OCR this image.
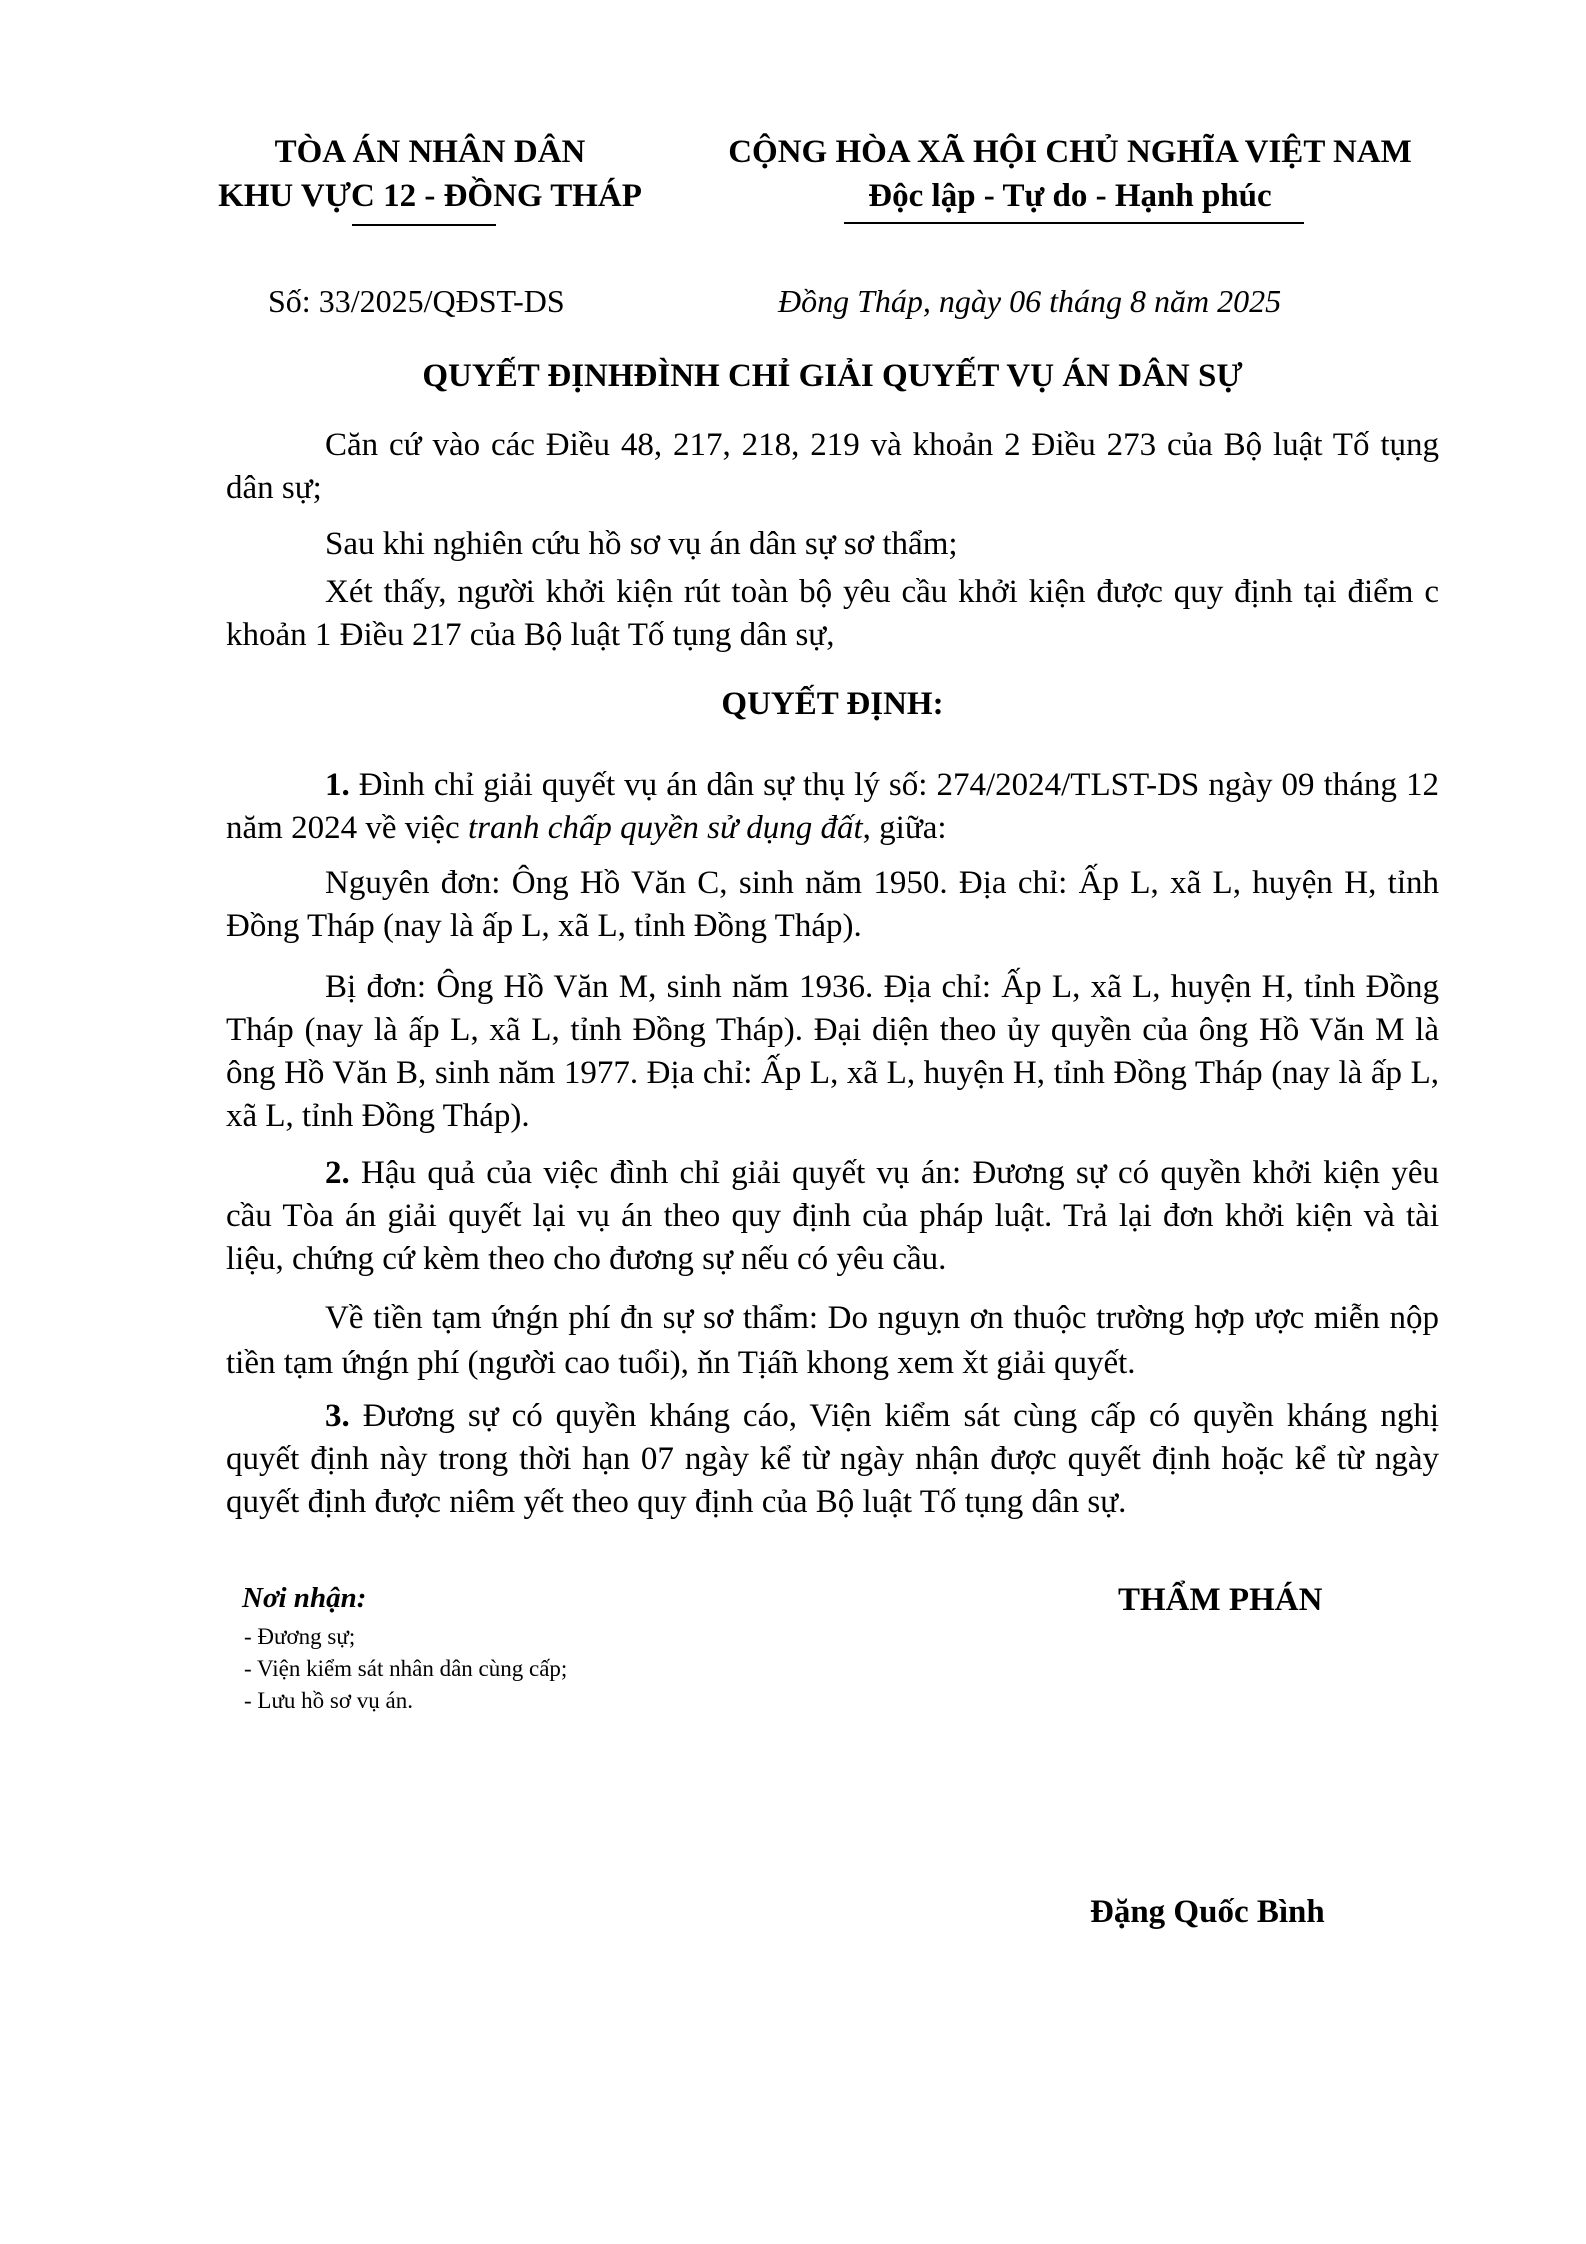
TÒA ÁN NHÂN DÂN
KHU VỰC 12 - ĐỒNG THÁP
CỘNG HÒA XÃ HỘI CHỦ NGHĨA VIỆT NAM
Độc lập - Tự do - Hạnh phúc
Số: 33/2025/QĐST-DS	Đồng Tháp, ngày 06 tháng 8 năm 2025
QUYẾT ĐỊNHĐÌNH CHỈ GIẢI QUYẾT VỤ ÁN DÂN SỰ

Căn cứ vào các Điều 48, 217, 218, 219 và khoản 2 Điều 273 của Bộ luật Tố tụng dân sự;

Sau khi nghiên cứu hồ sơ vụ án dân sự sơ thẩm;

Xét thấy, người khởi kiện rút toàn bộ yêu cầu khởi kiện được quy định tại điểm c khoản 1 Điều 217 của Bộ luật Tố tụng dân sự,

QUYẾT ĐỊNH:

1. Đình chỉ giải quyết vụ án dân sự thụ lý số: 274/2024/TLST-DS ngày 09 tháng 12 năm 2024 về việc tranh chấp quyền sử dụng đất, giữa:

Nguyên đơn: Ông Hồ Văn C, sinh năm 1950. Địa chỉ: Ấp L, xã L, huyện H, tỉnh Đồng Tháp (nay là ấp L, xã L, tỉnh Đồng Tháp).

Bị đơn: Ông Hồ Văn M, sinh năm 1936. Địa chỉ: Ấp L, xã L, huyện H, tỉnh Đồng Tháp (nay là ấp L, xã L, tỉnh Đồng Tháp). Đại diện theo ủy quyền của ông Hồ Văn M là ông Hồ Văn B, sinh năm 1977. Địa chỉ: Ấp L, xã L, huyện H, tỉnh Đồng Tháp (nay là ấp L, xã L, tỉnh Đồng Tháp).

2. Hậu quả của việc đình chỉ giải quyết vụ án: Đương sự có quyền khởi kiện yêu cầu Tòa án giải quyết lại vụ án theo quy định của pháp luật. Trả lại đơn khởi kiện và tài liệu, chứng cứ kèm theo cho đương sự nếu có yêu cầu.

Về tiền tạm ứnǵn phí đn sự sơ thẩm: Do nguỵn ơn thuộc trường hợp ược miễn nộp tiền tạm ứnǵn phí (người cao tuổi), ňn Tịá̃n khong xem x̌t giải quyết.

3. Đương sự có quyền kháng cáo, Viện kiểm sát cùng cấp có quyền kháng nghị quyết định này trong thời hạn 07 ngày kể từ ngày nhận được quyết định hoặc kể từ ngày quyết định được niêm yết theo quy định của Bộ luật Tố tụng dân sự.

Nơi nhận:
- Đương sự;
- Viện kiểm sát nhân dân cùng cấp;
- Lưu hồ sơ vụ án.
THẨM PHÁN
Đặng Quốc Bình
